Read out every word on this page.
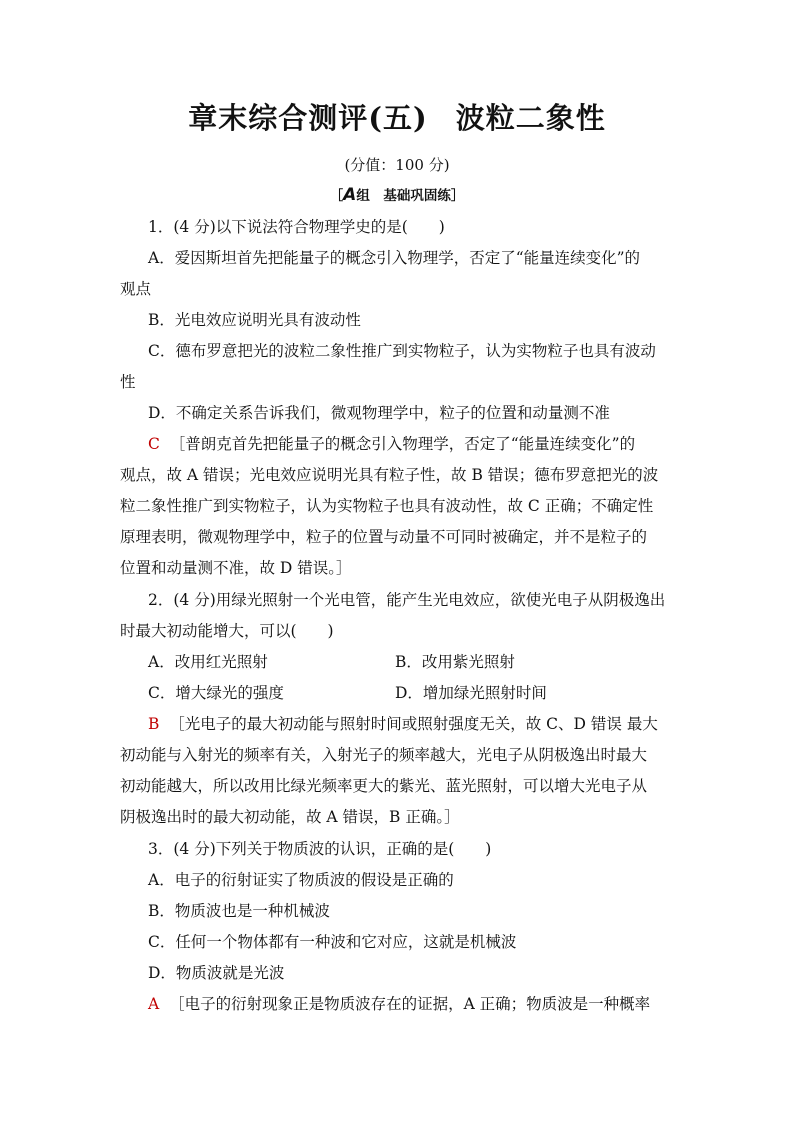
章末综合测评(五) 波粒二象性
(分值：100 分)
［A组　基础巩固练］
1．(4 分)以下说法符合物理学史的是(　　)
A．爱因斯坦首先把能量子的概念引入物理学，否定了“能量连续变化”的
观点
B．光电效应说明光具有波动性
C．德布罗意把光的波粒二象性推广到实物粒子，认为实物粒子也具有波动
性
D．不确定关系告诉我们，微观物理学中，粒子的位置和动量测不准
C ［普朗克首先把能量子的概念引入物理学，否定了“能量连续变化”的
观点，故 A 错误；光电效应说明光具有粒子性，故 B 错误；德布罗意把光的波
粒二象性推广到实物粒子，认为实物粒子也具有波动性，故 C 正确；不确定性
原理表明，微观物理学中，粒子的位置与动量不可同时被确定，并不是粒子的
位置和动量测不准，故 D 错误。］
2．(4 分)用绿光照射一个光电管，能产生光电效应，欲使光电子从阴极逸出
时最大初动能增大，可以(　　)
A．改用红光照射	B．改用紫光照射
C．增大绿光的强度	D．增加绿光照射时间
B ［光电子的最大初动能与照射时间或照射强度无关，故 C、D 错误 最大
初动能与入射光的频率有关，入射光子的频率越大，光电子从阴极逸出时最大
初动能越大，所以改用比绿光频率更大的紫光、蓝光照射，可以增大光电子从
阴极逸出时的最大初动能，故 A 错误，B 正确。］
3．(4 分)下列关于物质波的认识，正确的是(　　)
A．电子的衍射证实了物质波的假设是正确的
B．物质波也是一种机械波
C．任何一个物体都有一种波和它对应，这就是机械波
D．物质波就是光波
A ［电子的衍射现象正是物质波存在的证据，A 正确；物质波是一种概率
